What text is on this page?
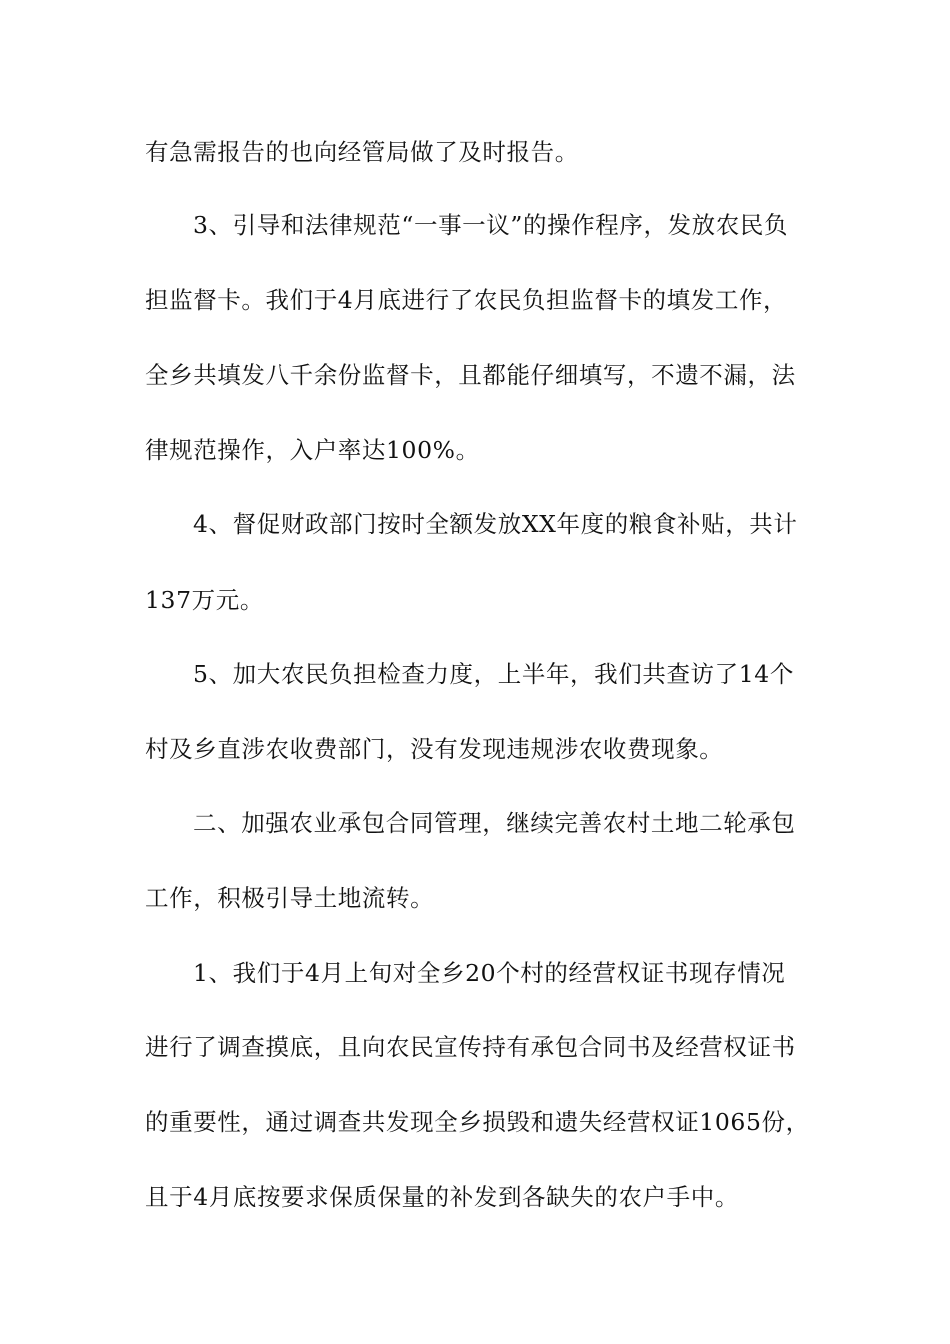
有急需报告的也向经管局做了及时报告。
3、引导和法律规范“一事一议”的操作程序，发放农民负
担监督卡。我们于4月底进行了农民负担监督卡的填发工作，
全乡共填发八千余份监督卡，且都能仔细填写，不遗不漏，法
律规范操作，入户率达100%。
4、督促财政部门按时全额发放XX年度的粮食补贴，共计
137万元。
5、加大农民负担检查力度，上半年，我们共查访了14个
村及乡直涉农收费部门，没有发现违规涉农收费现象。
二、加强农业承包合同管理，继续完善农村土地二轮承包
工作，积极引导土地流转。
1、我们于4月上旬对全乡20个村的经营权证书现存情况
进行了调查摸底，且向农民宣传持有承包合同书及经营权证书
的重要性，通过调查共发现全乡损毁和遗失经营权证1065份，
且于4月底按要求保质保量的补发到各缺失的农户手中。
